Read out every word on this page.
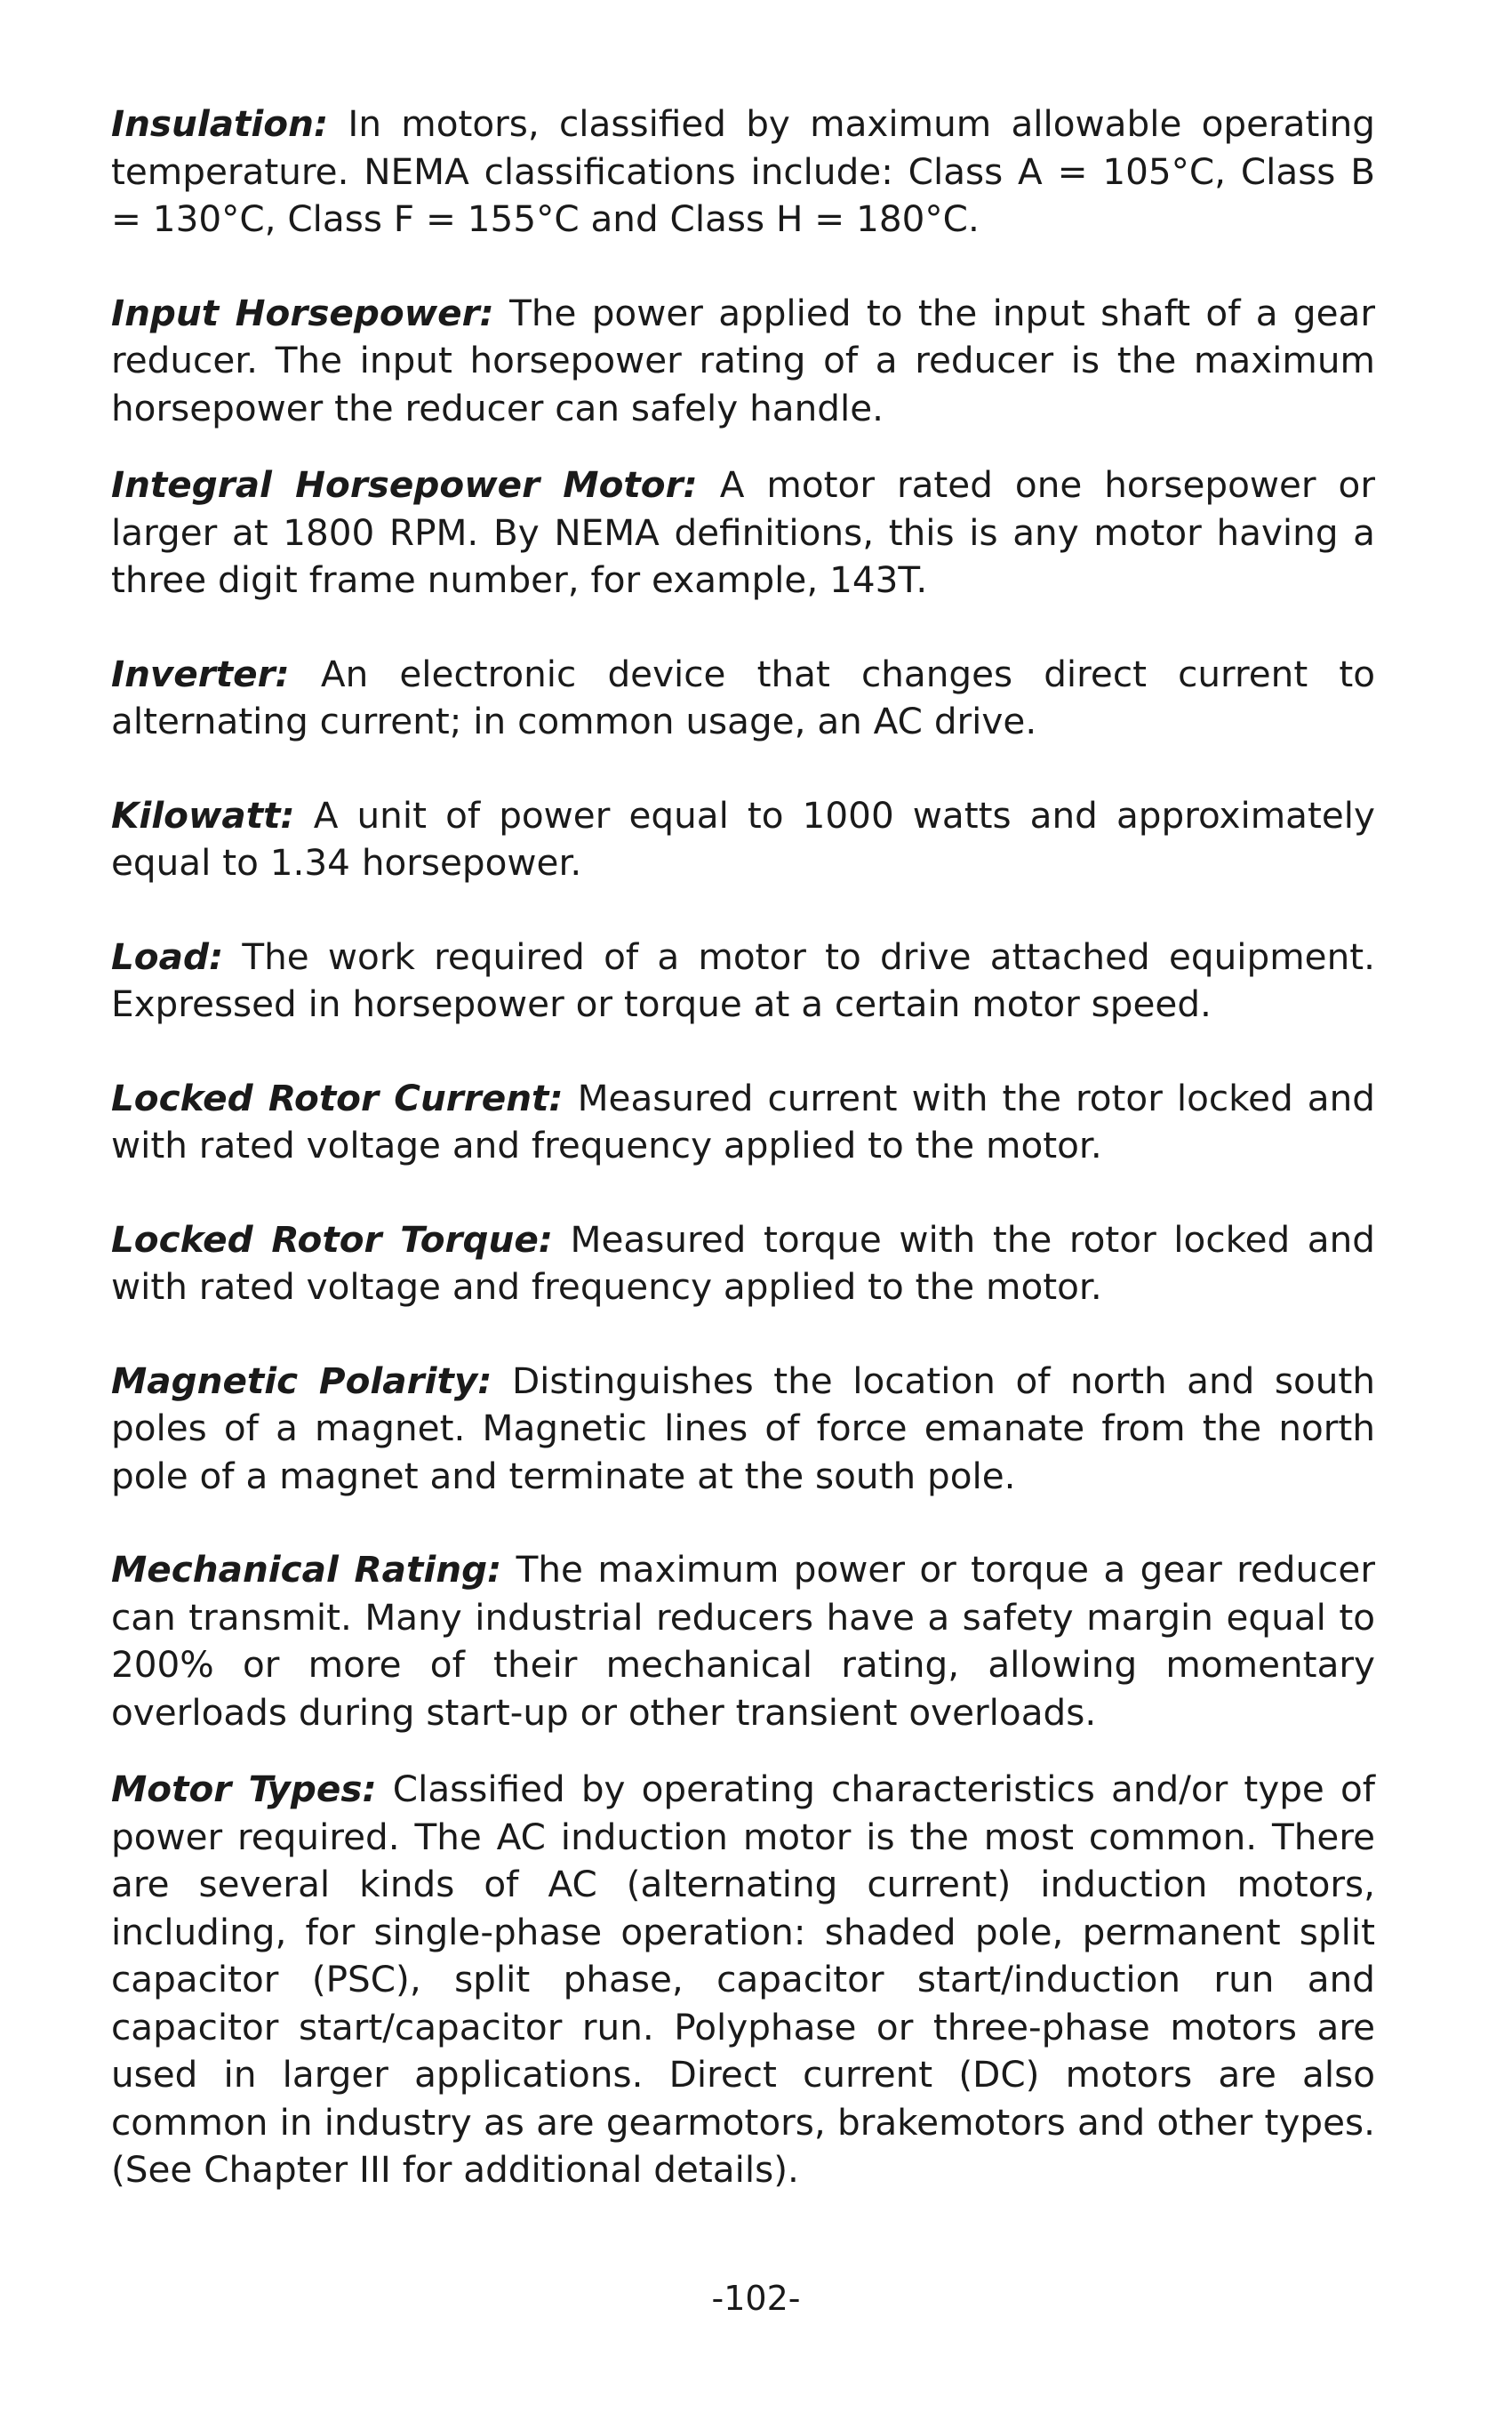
Insulation: In motors, classified by maximum allowable operating temperature. NEMA classifications include: Class A = 105°C, Class B = 130°C, Class F = 155°C and Class H = 180°C.

Input Horsepower: The power applied to the input shaft of a gear reducer. The input horsepower rating of a reducer is the maximum horsepower the reducer can safely handle.

Integral Horsepower Motor: A motor rated one horsepower or larger at 1800 RPM. By NEMA definitions, this is any motor having a three digit frame number, for example, 143T.

Inverter: An electronic device that changes direct current to alternating current; in common usage, an AC drive.

Kilowatt: A unit of power equal to 1000 watts and approximately equal to 1.34 horsepower.

Load: The work required of a motor to drive attached equipment. Expressed in horsepower or torque at a certain motor speed.

Locked Rotor Current: Measured current with the rotor locked and with rated voltage and frequency applied to the motor.

Locked Rotor Torque: Measured torque with the rotor locked and with rated voltage and frequency applied to the motor.

Magnetic Polarity: Distinguishes the location of north and south poles of a magnet. Magnetic lines of force emanate from the north pole of a magnet and terminate at the south pole.

Mechanical Rating: The maximum power or torque a gear reducer can transmit. Many industrial reducers have a safety margin equal to 200% or more of their mechanical rating, allowing momentary overloads during start-up or other transient overloads.

Motor Types: Classified by operating characteristics and/or type of power required. The AC induction motor is the most common. There are several kinds of AC (alternating current) induction motors, including, for single-phase operation: shaded pole, permanent split capacitor (PSC), split phase, capacitor start/induction run and capacitor start/capacitor run. Polyphase or three-phase motors are used in larger applications. Direct current (DC) motors are also common in industry as are gearmotors, brakemotors and other types. (See Chapter III for additional details).

-102-
